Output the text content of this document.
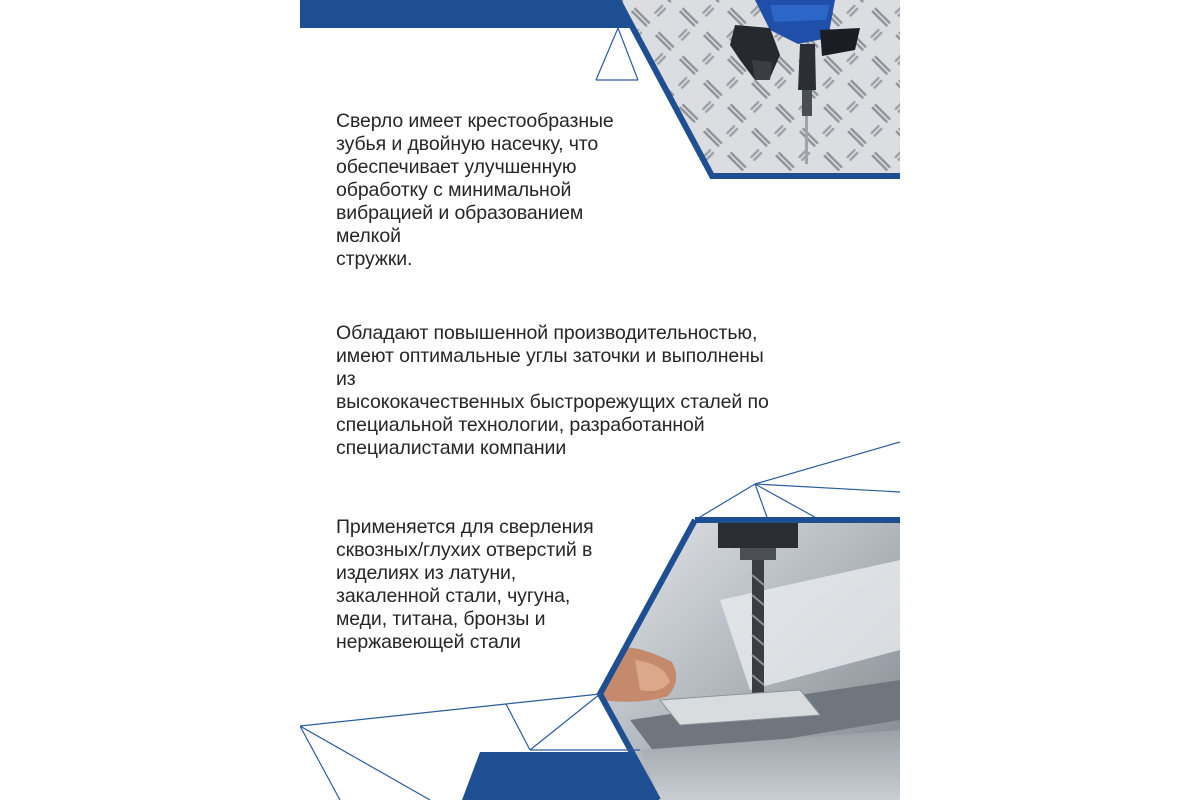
Сверло имеет крестообразные
зубья и двойную насечку, что
обеспечивает улучшенную
обработку с минимальной
вибрацией и образованием мелкой
стружки.

Обладают повышенной производительностью,
имеют оптимальные углы заточки и выполнены из
высококачественных быстрорежущих сталей по
специальной технологии, разработанной
специалистами компании

Применяется для сверления
сквозных/глухих отверстий в
изделиях из латуни,
закаленной стали, чугуна,
меди, титана, бронзы и
нержавеющей стали
